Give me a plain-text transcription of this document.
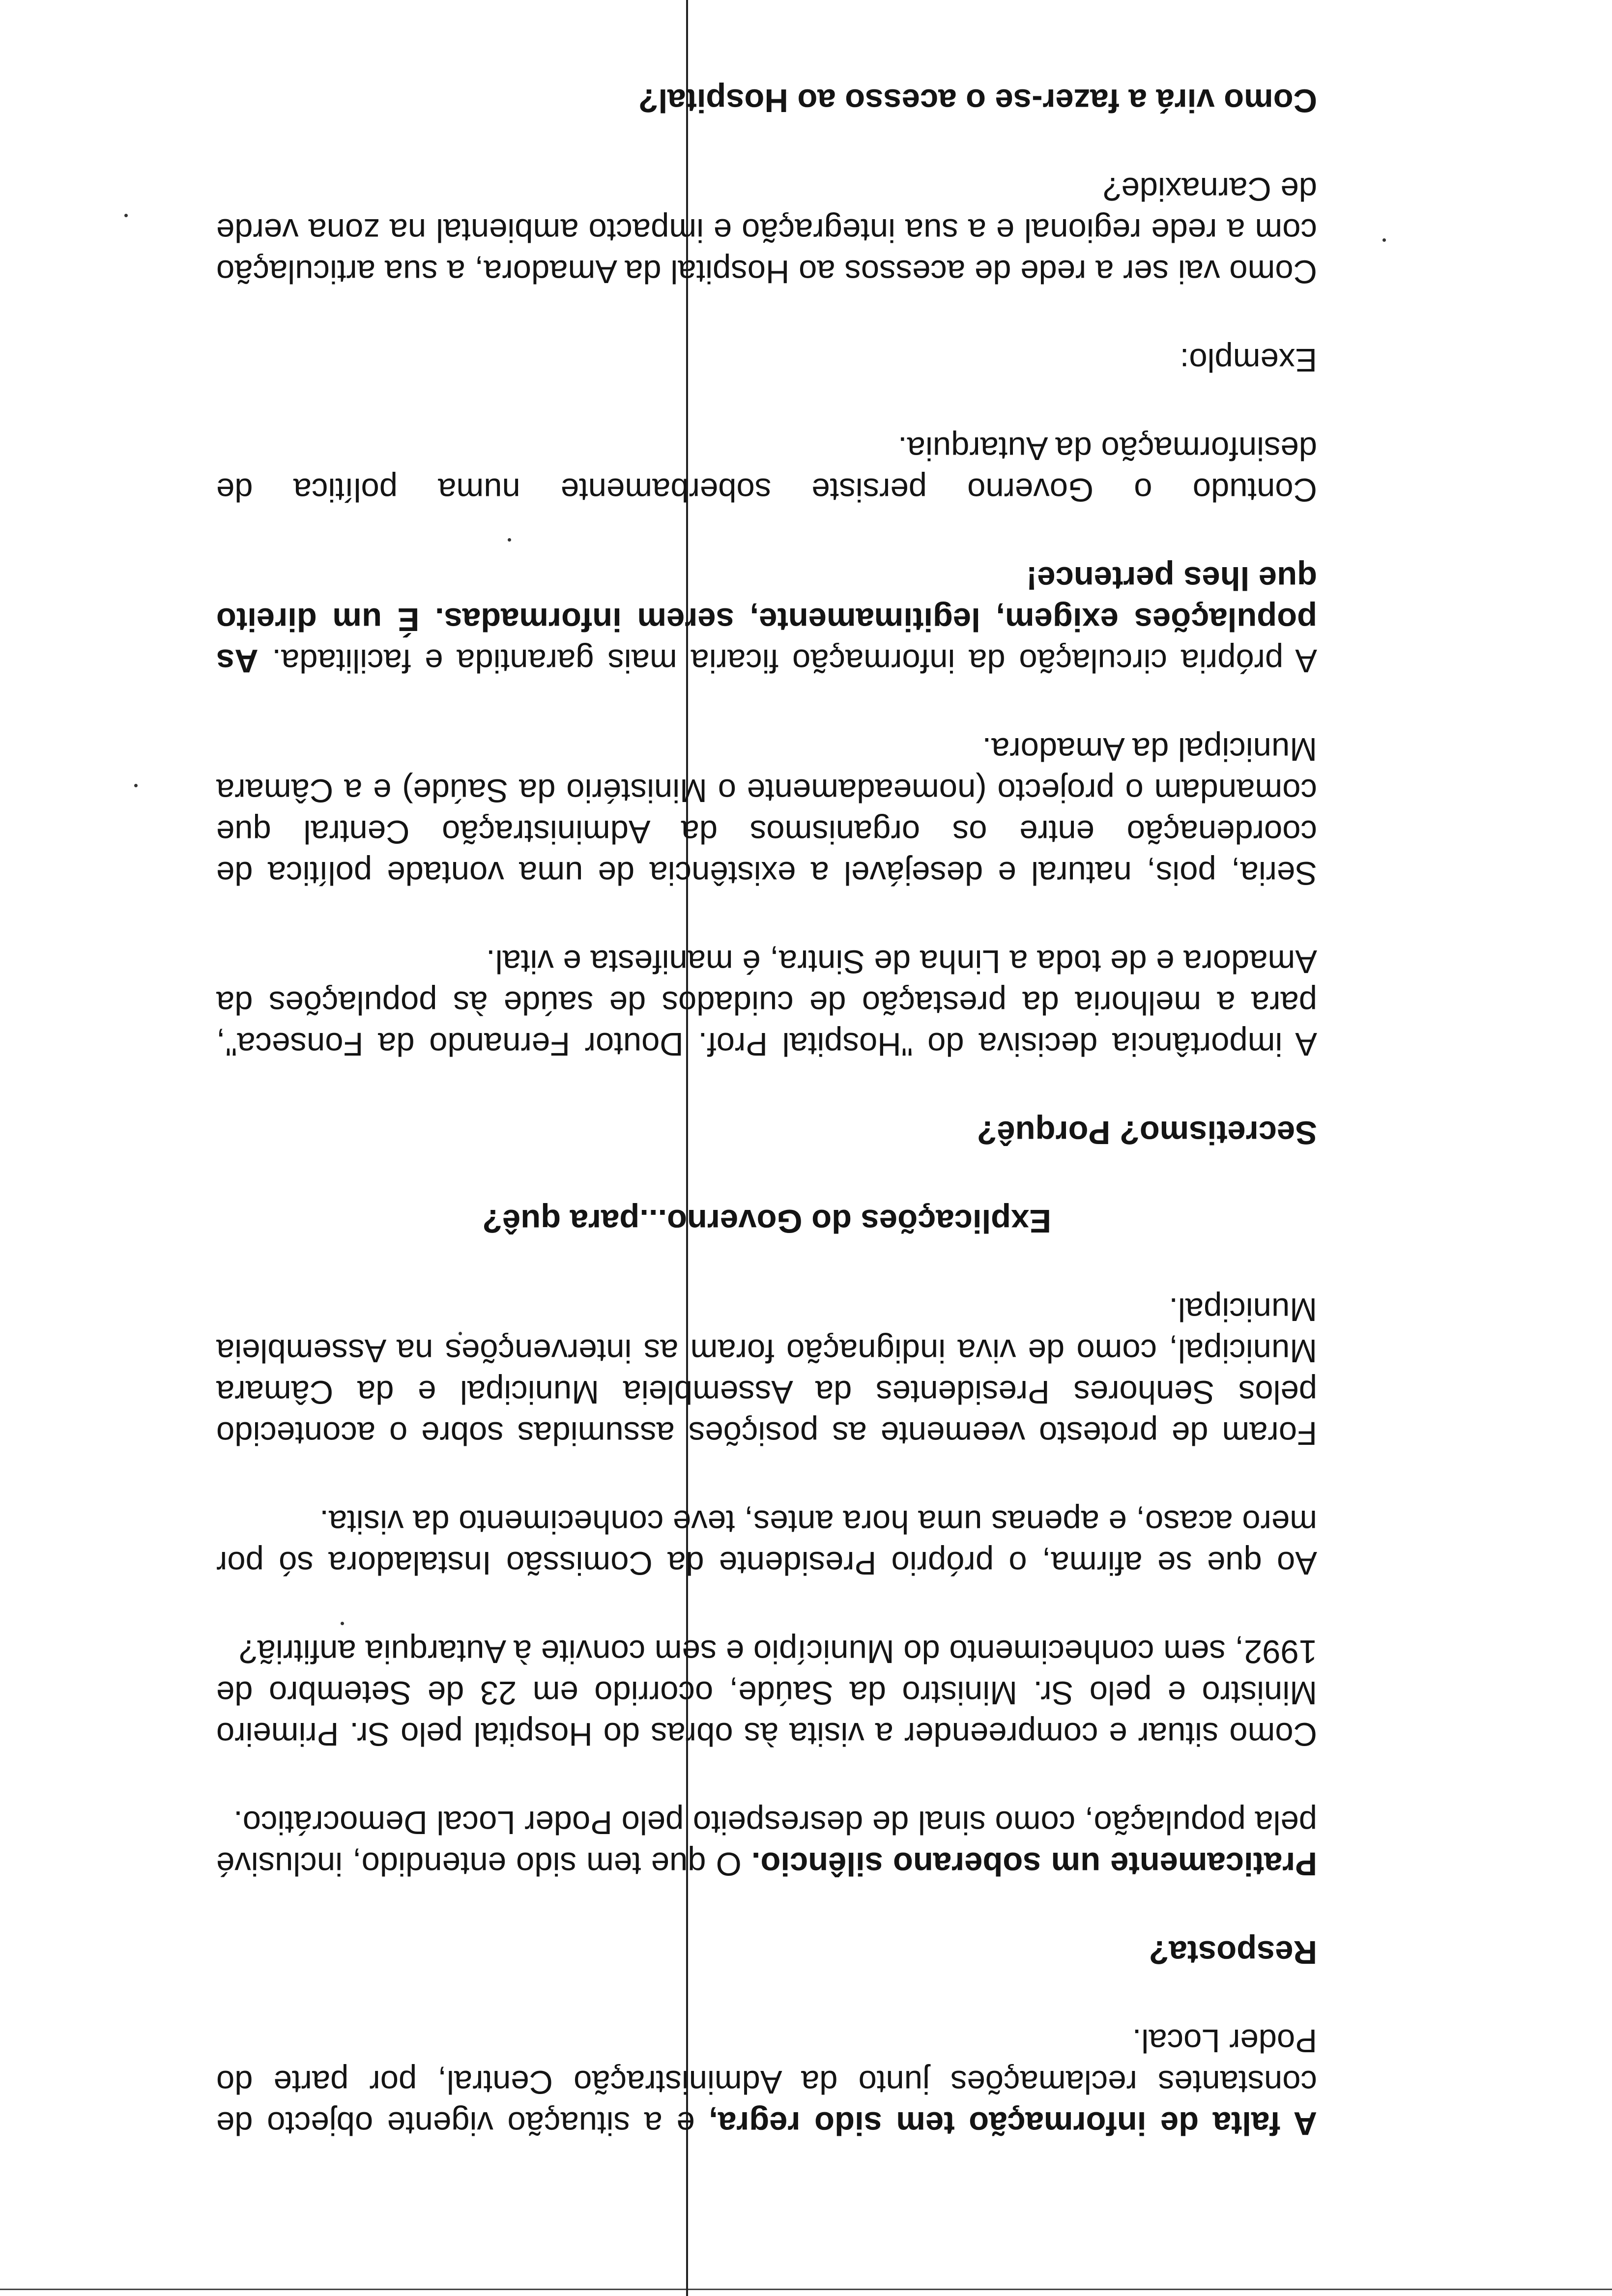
A falta de informação tem sido regra, e a situação vigente objecto de constantes reclamações junto da Administração Central, por parte do Poder Local.

Resposta?

Praticamente um soberano silêncio. O que tem sido entendido, inclusivé pela população, como sinal de desrespeito pelo Poder Local Democrático.

Como situar e compreender a visita às obras do Hospital pelo Sr. Primeiro Ministro e pelo Sr. Ministro da Saúde, ocorrido em 23 de Setembro de 1992, sem conhecimento do Município e sem convite à Autarquia anfitriã?

Ao que se afirma, o próprio Presidente da Comissão Instaladora só por mero acaso, e apenas uma hora antes, teve conhecimento da visita.

Foram de protesto veemente as posições assumidas sobre o acontecido pelos Senhores Presidentes da Assembleia Municipal e da Câmara Municipal, como de viva indignação foram as intervenções na Assembleia Municipal.

Explicações do Governo...para quê?

Secretismo? Porquê?

A importância decisiva do "Hospital Prof. Doutor Fernando da Fonseca", para a melhoria da prestação de cuidados de saúde às populações da Amadora e de toda a Linha de Sintra, é manifesta e vital.

Seria, pois, natural e desejável a existência de uma vontade política de coordenação entre os organismos da Administração Central que comandam o projecto (nomeadamente o Ministério da Saúde) e a Câmara Municipal da Amadora.

A própria circulação da informação ficaria mais garantida e facilitada. As populações exigem, legitimamente, serem informadas. É um direito que lhes pertence!

Contudo o Governo persiste soberbamente numa política de desinformação da Autarquia.

Exemplo:

Como vai ser a rede de acessos ao Hospital da Amadora, a sua articulação com a rede regional e a sua integração e impacto ambiental na zona verde de Carnaxide?

Como virá a fazer-se o acesso ao Hospital?
